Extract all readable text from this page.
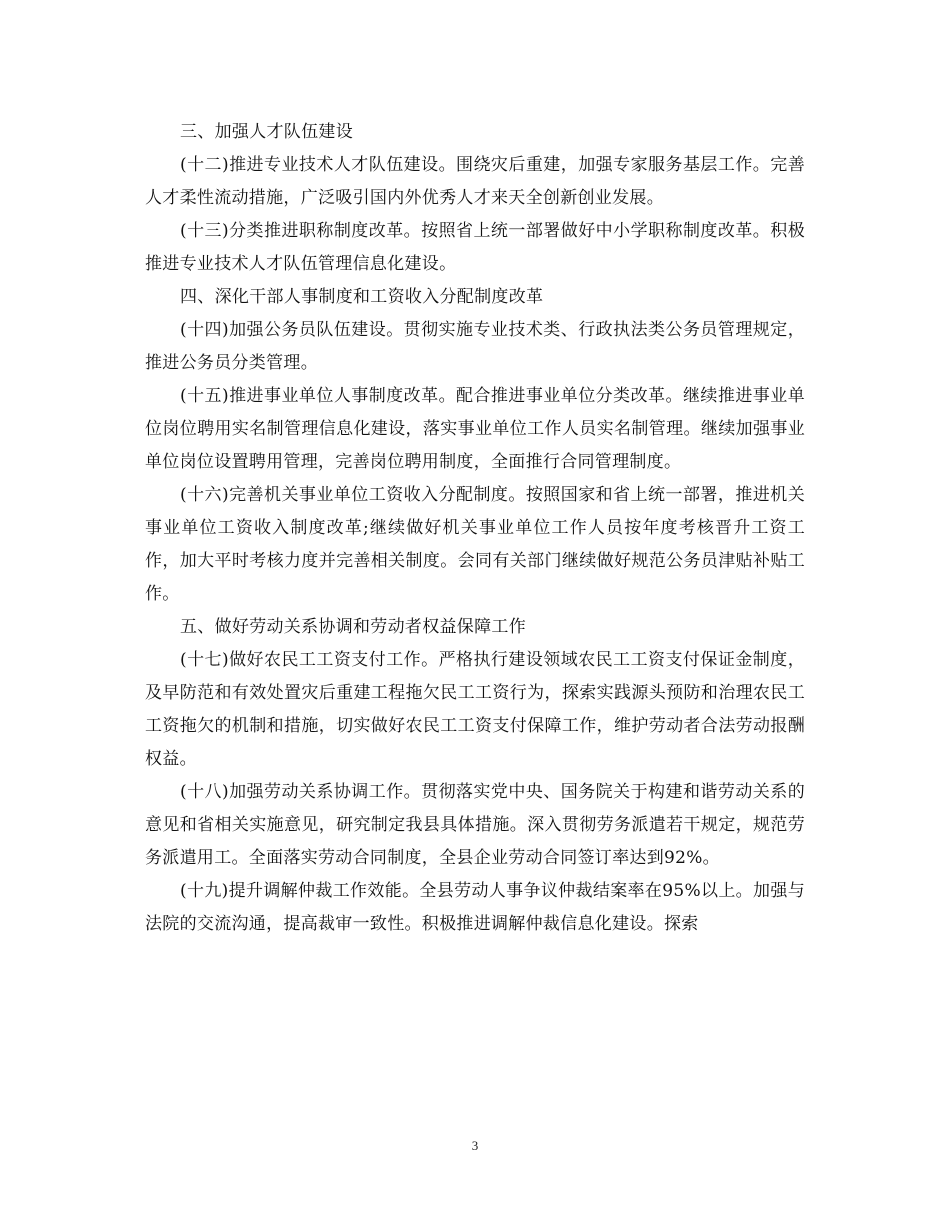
三、加强人才队伍建设

(十二)推进专业技术人才队伍建设。围绕灾后重建，加强专家服务基层工作。完善人才柔性流动措施，广泛吸引国内外优秀人才来天全创新创业发展。

(十三)分类推进职称制度改革。按照省上统一部署做好中小学职称制度改革。积极推进专业技术人才队伍管理信息化建设。

四、深化干部人事制度和工资收入分配制度改革

(十四)加强公务员队伍建设。贯彻实施专业技术类、行政执法类公务员管理规定，推进公务员分类管理。

(十五)推进事业单位人事制度改革。配合推进事业单位分类改革。继续推进事业单位岗位聘用实名制管理信息化建设，落实事业单位工作人员实名制管理。继续加强事业单位岗位设置聘用管理，完善岗位聘用制度，全面推行合同管理制度。

(十六)完善机关事业单位工资收入分配制度。按照国家和省上统一部署，推进机关事业单位工资收入制度改革;继续做好机关事业单位工作人员按年度考核晋升工资工作，加大平时考核力度并完善相关制度。会同有关部门继续做好规范公务员津贴补贴工作。

五、做好劳动关系协调和劳动者权益保障工作

(十七)做好农民工工资支付工作。严格执行建设领域农民工工资支付保证金制度，及早防范和有效处置灾后重建工程拖欠民工工资行为，探索实践源头预防和治理农民工工资拖欠的机制和措施，切实做好农民工工资支付保障工作，维护劳动者合法劳动报酬权益。

(十八)加强劳动关系协调工作。贯彻落实党中央、国务院关于构建和谐劳动关系的意见和省相关实施意见，研究制定我县具体措施。深入贯彻劳务派遣若干规定，规范劳务派遣用工。全面落实劳动合同制度，全县企业劳动合同签订率达到92%。

(十九)提升调解仲裁工作效能。全县劳动人事争议仲裁结案率在95%以上。加强与法院的交流沟通，提高裁审一致性。积极推进调解仲裁信息化建设。探索

3
